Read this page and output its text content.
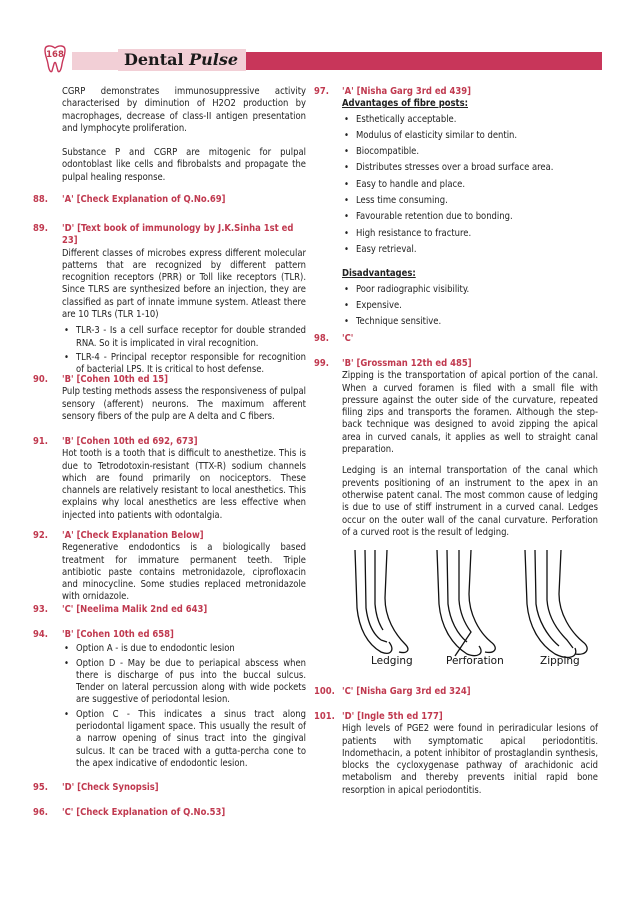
168	Dental Pulse
CGRP demonstrates immunosuppressive activity characterised by diminution of H2O2 production by macrophages, decrease of class-II antigen presentation and lymphocyte proliferation.
Substance P and CGRP are mitogenic for pulpal odontoblast like cells and fibrobalsts and propagate the pulpal healing response.
88. 'A' [Check Explanation of Q.No.69]
89. 'D' [Text book of immunology by J.K.Sinha 1st ed 23]
Different classes of microbes express different molecular patterns that are recognized by different pattern recognition receptors (PRR) or Toll like receptors (TLR). Since TLRS are synthesized before an injection, they are classified as part of innate immune system. Atleast there are 10 TLRs (TLR 1-10)
• TLR-3 - Is a cell surface receptor for double stranded RNA. So it is implicated in viral recognition.
• TLR-4 - Principal receptor responsible for recognition of bacterial LPS. It is critical to host defense.
90. 'B' [Cohen 10th ed 15]
Pulp testing methods assess the responsiveness of pulpal sensory (afferent) neurons. The maximum afferent sensory fibers of the pulp are A delta and C fibers.
91. 'B' [Cohen 10th ed 692, 673]
Hot tooth is a tooth that is difficult to anesthetize. This is due to Tetrodotoxin-resistant (TTX-R) sodium channels which are found primarily on nociceptors. These channels are relatively resistant to local anesthetics. This explains why local anesthetics are less effective when injected into patients with odontalgia.
92. 'A' [Check Explanation Below]
Regenerative endodontics is a biologically based treatment for immature permanent teeth. Triple antibiotic paste contains metronidazole, ciprofloxacin and minocycline. Some studies replaced metronidazole with ornidazole.
93. 'C' [Neelima Malik 2nd ed 643]
94. 'B' [Cohen 10th ed 658]
• Option A - is due to endodontic lesion
• Option D - May be due to periapical abscess when there is discharge of pus into the buccal sulcus. Tender on lateral percussion along with wide pockets are suggestive of periodontal lesion.
• Option C - This indicates a sinus tract along periodontal ligament space. This usually the result of a narrow opening of sinus tract into the gingival sulcus. It can be traced with a gutta-percha cone to the apex indicative of endodontic lesion.
95. 'D' [Check Synopsis]
96. 'C' [Check Explanation of Q.No.53]
97. 'A' [Nisha Garg 3rd ed 439]
Advantages of fibre posts:
• Esthetically acceptable.
• Modulus of elasticity similar to dentin.
• Biocompatible.
• Distributes stresses over a broad surface area.
• Easy to handle and place.
• Less time consuming.
• Favourable retention due to bonding.
• High resistance to fracture.
• Easy retrieval.
Disadvantages:
• Poor radiographic visibility.
• Expensive.
• Technique sensitive.
98. 'C'
99. 'B' [Grossman 12th ed 485]
Zipping is the transportation of apical portion of the canal. When a curved foramen is filed with a small file with pressure against the outer side of the curvature, repeated filing zips and transports the foramen. Although the step-back technique was designed to avoid zipping the apical area in curved canals, it applies as well to straight canal preparation.
Ledging is an internal transportation of the canal which prevents positioning of an instrument to the apex in an otherwise patent canal. The most common cause of ledging is due to use of stiff instrument in a curved canal. Ledges occur on the outer wall of the canal curvature. Perforation of a curved root is the result of ledging.
Ledging	Perforation	Zipping
100. 'C' [Nisha Garg 3rd ed 324]
101. 'D' [Ingle 5th ed 177]
High levels of PGE2 were found in periradicular lesions of patients with symptomatic apical periodontitis. Indomethacin, a potent inhibitor of prostaglandin synthesis, blocks the cycloxygenase pathway of arachidonic acid metabolism and thereby prevents initial rapid bone resorption in apical periodontitis.
